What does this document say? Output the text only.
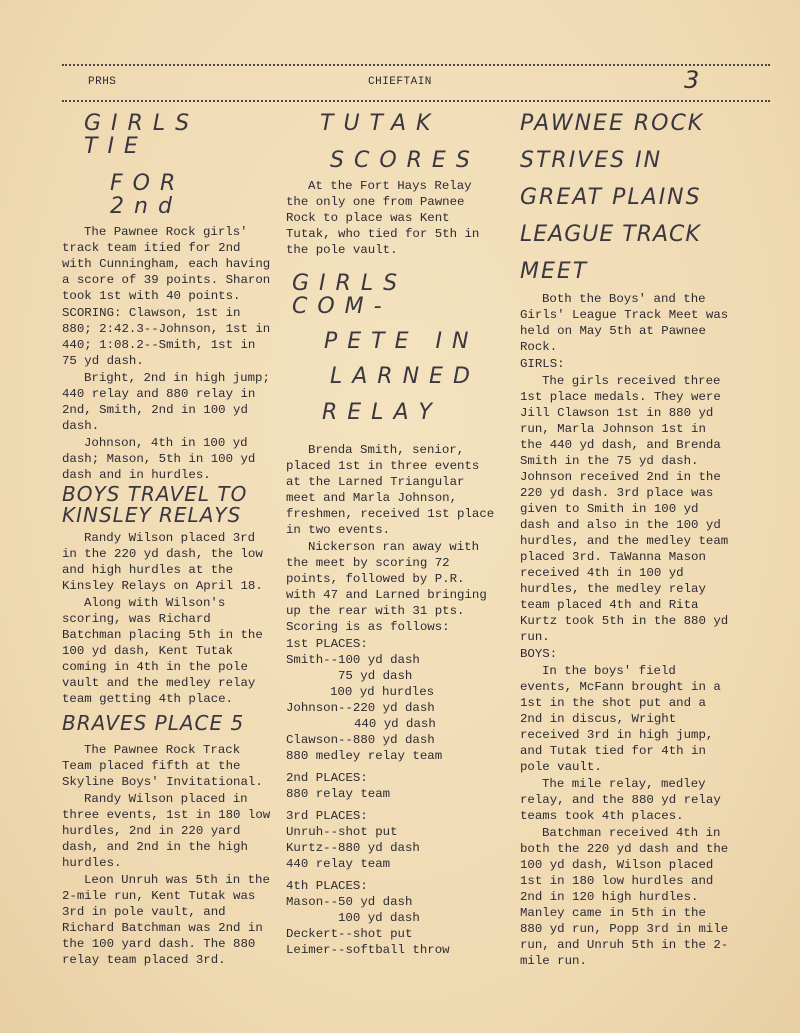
PRHS	CHIEFTAIN	3
GIRLS TIE
FOR 2nd

The Pawnee Rock girls' track team itied for 2nd with Cunningham, each having a score of 39 points. Sharon took 1st with 40 points.

SCORING: Clawson, 1st in 880; 2:42.3--Johnson, 1st in 440; 1:08.2--Smith, 1st in 75 yd dash.

Bright, 2nd in high jump; 440 relay and 880 relay in 2nd, Smith, 2nd in 100 yd dash.

Johnson, 4th in 100 yd dash; Mason, 5th in 100 yd dash and in hurdles.

BOYS TRAVEL TO
KINSLEY RELAYS

Randy Wilson placed 3rd in the 220 yd dash, the low and high hurdles at the Kinsley Relays on April 18.

Along with Wilson's scoring, was Richard Batchman placing 5th in the 100 yd dash, Kent Tutak coming in 4th in the pole vault and the medley relay team getting 4th place.

BRAVES PLACE 5

The Pawnee Rock Track Team placed fifth at the Skyline Boys' Invitational.

Randy Wilson placed in three events, 1st in 180 low hurdles, 2nd in 220 yard dash, and 2nd in the high hurdles.

Leon Unruh was 5th in the 2-mile run, Kent Tutak was 3rd in pole vault, and Richard Batchman was 2nd in the 100 yard dash. The 880 relay team placed 3rd.

TUTAK
SCORES

At the Fort Hays Relay the only one from Pawnee Rock to place was Kent Tutak, who tied for 5th in the pole vault.

GIRLS COM-
PETE IN
LARNED
RELAY

Brenda Smith, senior, placed 1st in three events at the Larned Triangular meet and Marla Johnson, freshmen, received 1st place in two events.

Nickerson ran away with the meet by scoring 72 points, followed by P.R. with 47 and Larned bringing up the rear with 31 pts. Scoring is as follows:

1st PLACES:
Smith--100 yd dash
75 yd dash
100 yd hurdles
Johnson--220 yd dash
440 yd dash
Clawson--880 yd dash
880 medley relay team
2nd PLACES:
880 relay team
3rd PLACES:
Unruh--shot put
Kurtz--880 yd dash
440 relay team
4th PLACES:
Mason--50 yd dash
100 yd dash
Deckert--shot put
Leimer--softball throw
PAWNEE ROCK
STRIVES IN
GREAT PLAINS
LEAGUE TRACK
MEET

Both the Boys' and the Girls' League Track Meet was held on May 5th at Pawnee Rock.

GIRLS:

The girls received three 1st place medals. They were Jill Clawson 1st in 880 yd run, Marla Johnson 1st in the 440 yd dash, and Brenda Smith in the 75 yd dash. Johnson received 2nd in the 220 yd dash. 3rd place was given to Smith in 100 yd dash and also in the 100 yd hurdles, and the medley team placed 3rd. TaWanna Mason received 4th in 100 yd hurdles, the medley relay team placed 4th and Rita Kurtz took 5th in the 880 yd run.

BOYS:

In the boys' field events, McFann brought in a 1st in the shot put and a 2nd in discus, Wright received 3rd in high jump, and Tutak tied for 4th in pole vault.

The mile relay, medley relay, and the 880 yd relay teams took 4th places.

Batchman received 4th in both the 220 yd dash and the 100 yd dash, Wilson placed 1st in 180 low hurdles and 2nd in 120 high hurdles. Manley came in 5th in the 880 yd run, Popp 3rd in mile run, and Unruh 5th in the 2-mile run.
